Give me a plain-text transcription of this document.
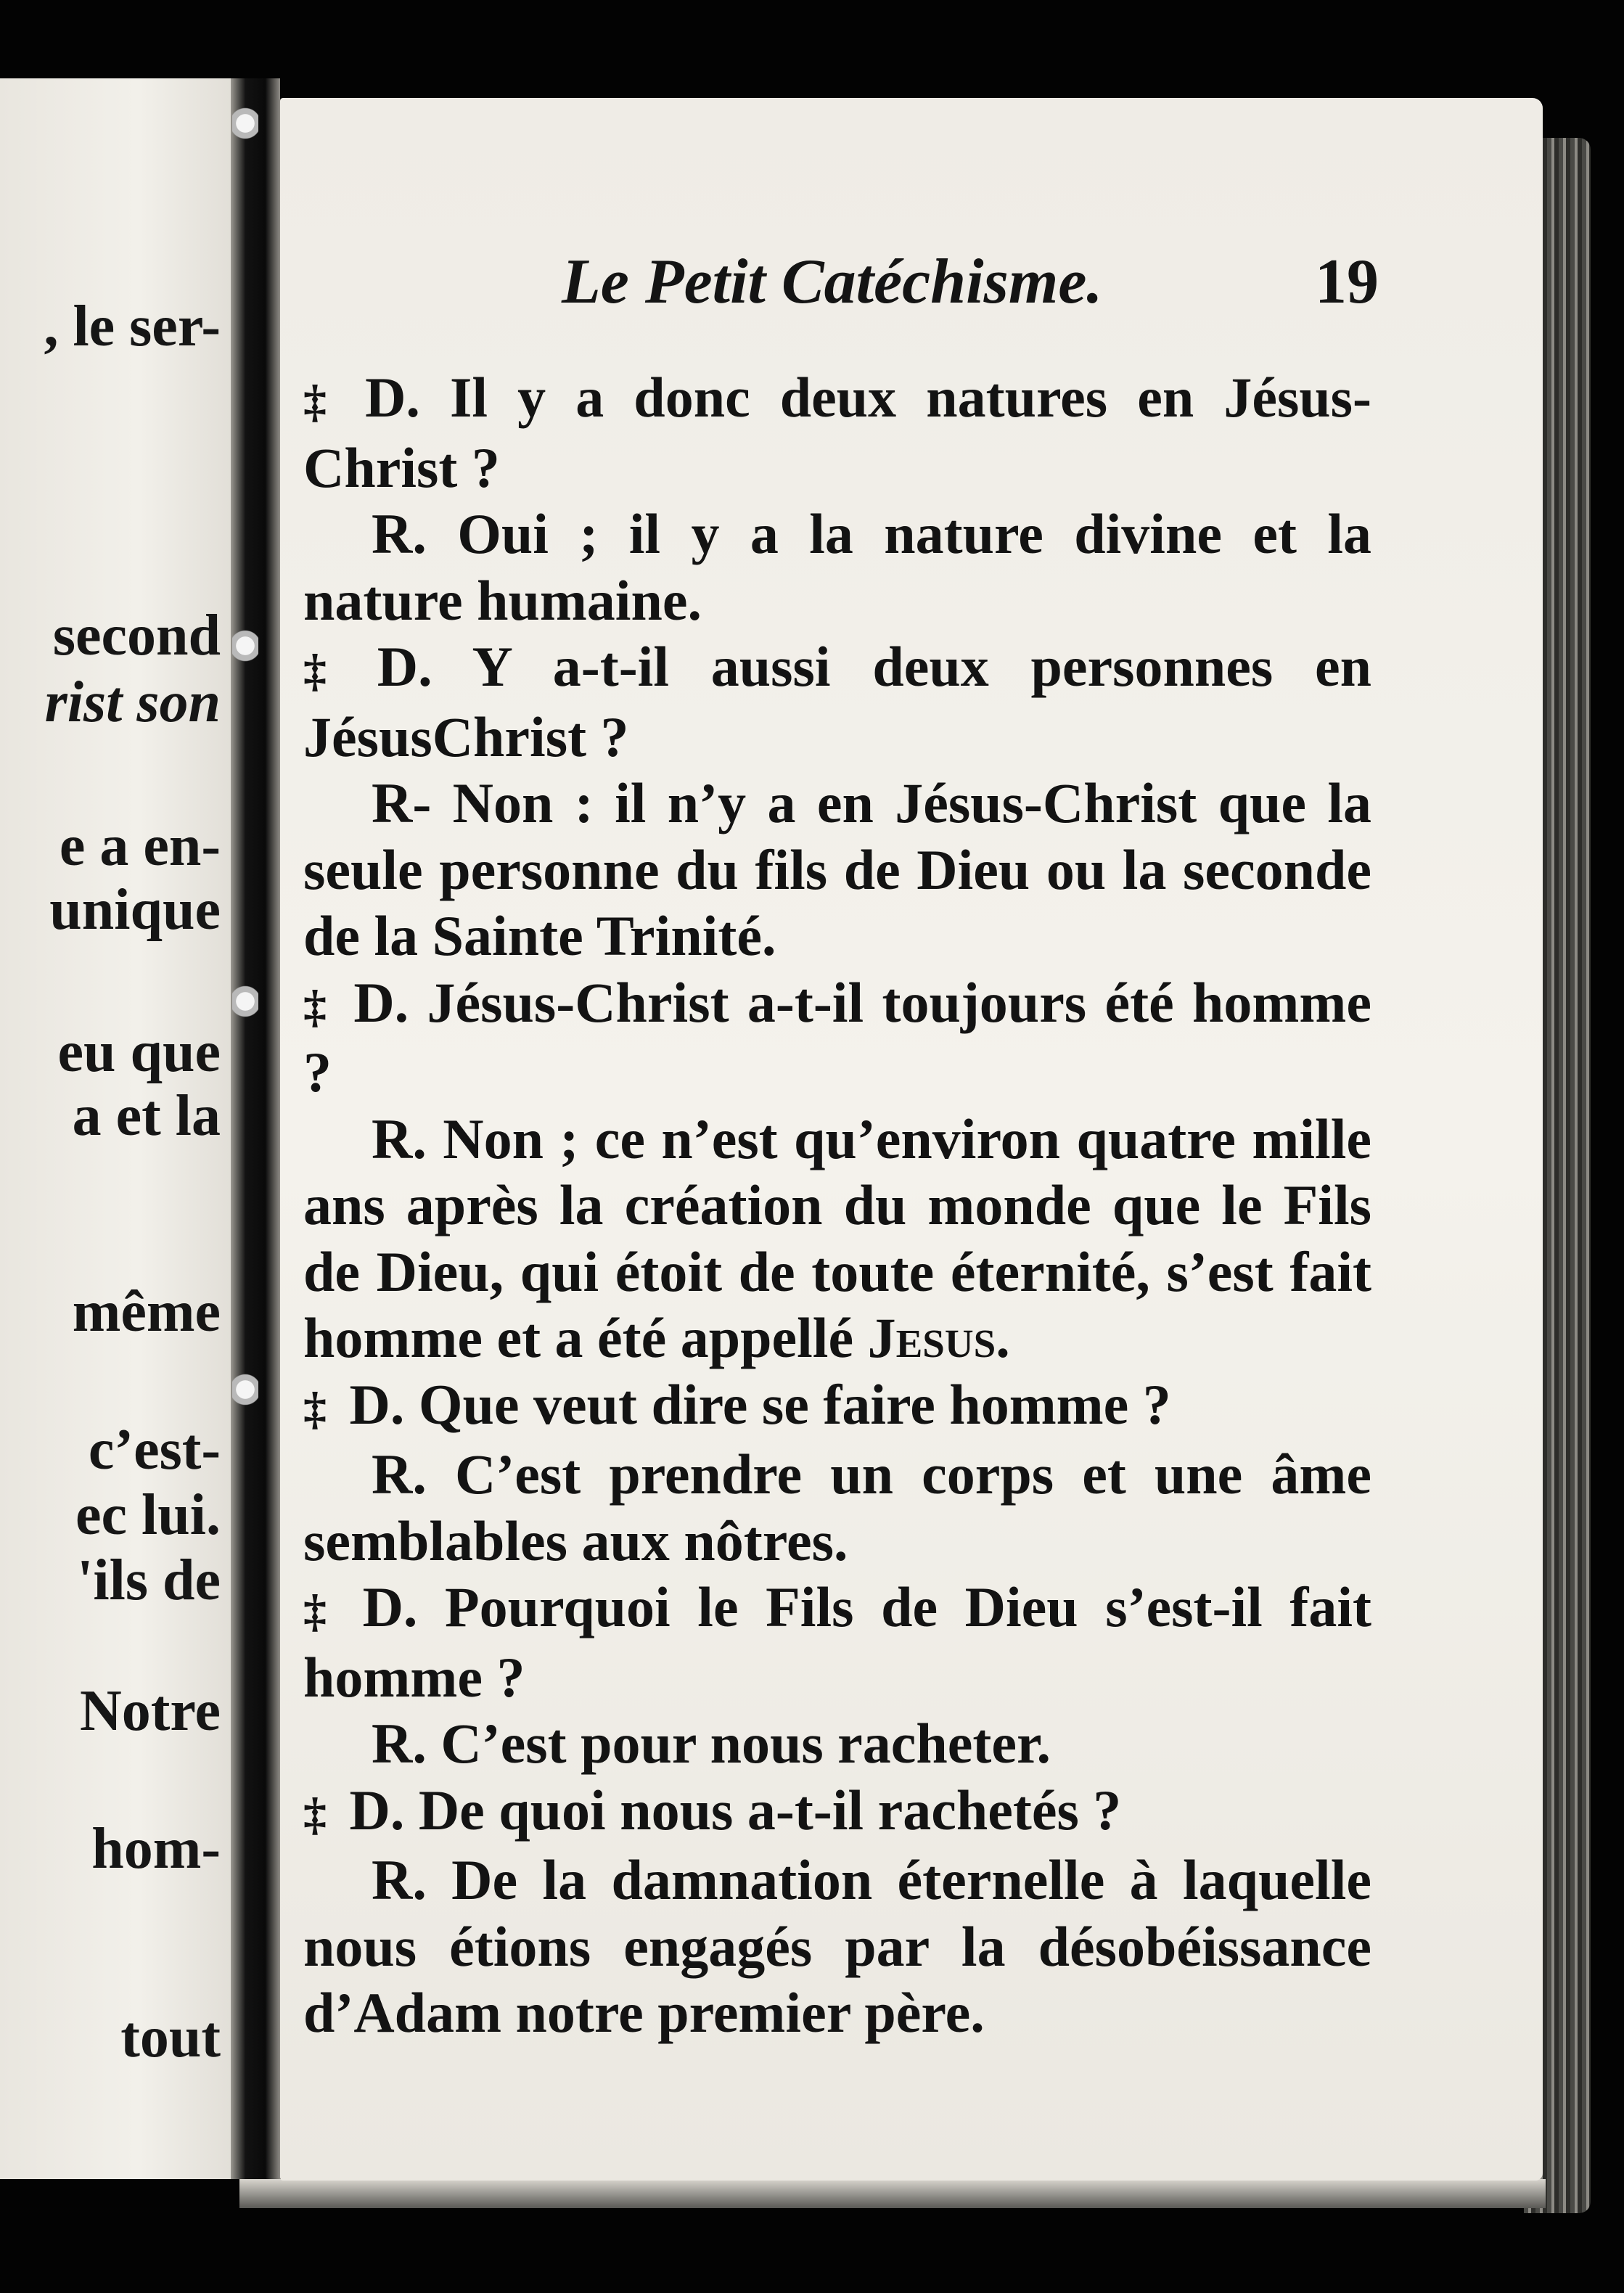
, le ser-
second
rist son
e a en-
unique
eu que
a et la
même
c’est-
ec lui.
'ils de
Notre
hom-
tout
Le Petit Catéchisme.	19

‡ D. Il y a donc deux natures en Jésus-Christ ?

R. Oui ; il y a la nature divine et la nature humaine.

‡ D. Y a-t-il aussi deux personnes en JésusChrist ?

R- Non : il n’y a en Jésus-Christ que la seule personne du fils de Dieu ou la seconde de la Sainte Trinité.

‡ D. Jésus-Christ a-t-il toujours été homme ?

R. Non ; ce n’est qu’environ quatre mille ans après la création du monde que le Fils de Dieu, qui étoit de toute éternité, s’est fait homme et a été appellé Jesus.

‡ D. Que veut dire se faire homme ?

R. C’est prendre un corps et une âme semblables aux nôtres.

‡ D. Pourquoi le Fils de Dieu s’est-il fait homme ?

R. C’est pour nous racheter.

‡ D. De quoi nous a-t-il rachetés ?

R. De la damnation éternelle à laquelle nous étions engagés par la désobéissance d’Adam notre premier père.
